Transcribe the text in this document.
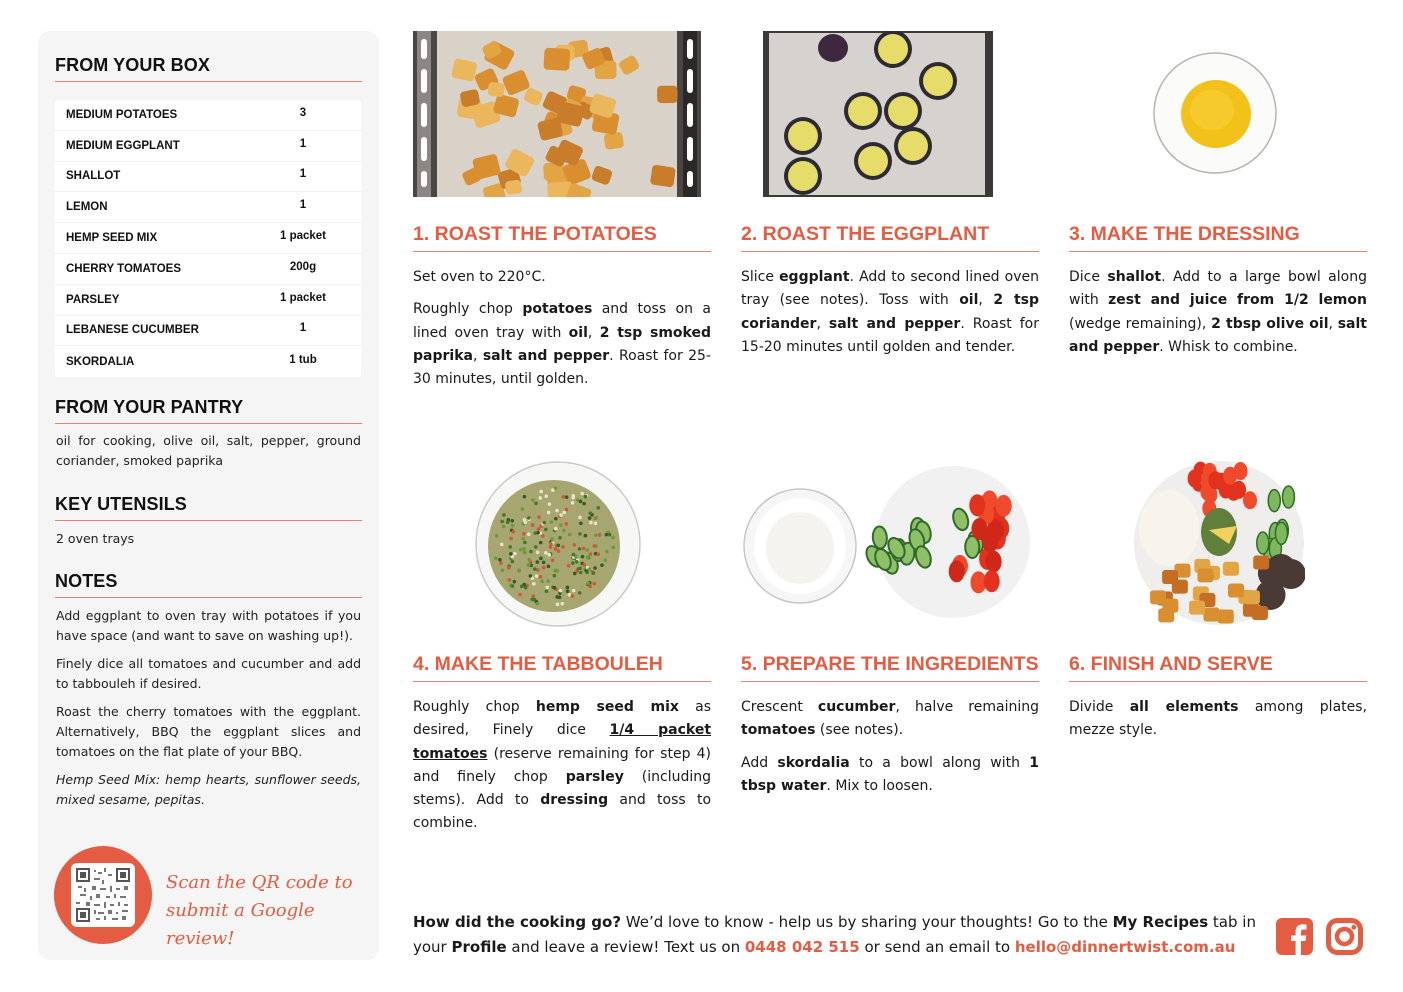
FROM YOUR BOX
MEDIUM POTATOES	3
MEDIUM EGGPLANT	1
SHALLOT	1
LEMON	1
HEMP SEED MIX	1 packet
CHERRY TOMATOES	200g
PARSLEY	1 packet
LEBANESE CUCUMBER	1
SKORDALIA	1 tub
FROM YOUR PANTRY
oil for cooking, olive oil, salt, pepper, ground coriander, smoked paprika
KEY UTENSILS
2 oven trays
NOTES

Add eggplant to oven tray with potatoes if you have space (and want to save on washing up!).

Finely dice all tomatoes and cucumber and add to tabbouleh if desired.

Roast the cherry tomatoes with the eggplant. Alternatively, BBQ the eggplant slices and tomatoes on the flat plate of your BBQ.

Hemp Seed Mix: hemp hearts, sunflower seeds, mixed sesame, pepitas.

Scan the QR code to
submit a Google review!
1. ROAST THE POTATOES

Set oven to 220°C.

Roughly chop potatoes and toss on a lined oven tray with oil, 2 tsp smoked paprika, salt and pepper. Roast for 25-30 minutes, until golden.

2. ROAST THE EGGPLANT

Slice eggplant. Add to second lined oven tray (see notes). Toss with oil, 2 tsp coriander, salt and pepper. Roast for 15-20 minutes until golden and tender.

3. MAKE THE DRESSING

Dice shallot. Add to a large bowl along with zest and juice from 1/2 lemon (wedge remaining), 2 tbsp olive oil, salt and pepper. Whisk to combine.

4. MAKE THE TABBOULEH

Roughly chop hemp seed mix as desired, Finely dice 1/4 packet tomatoes (reserve remaining for step 4) and finely chop parsley (including stems). Add to dressing and toss to combine.

5. PREPARE THE INGREDIENTS

Crescent cucumber, halve remaining tomatoes (see notes).

Add skordalia to a bowl along with 1 tbsp water. Mix to loosen.

6. FINISH AND SERVE

Divide all elements among plates, mezze style.

How did the cooking go? We’d love to know - help us by sharing your thoughts! Go to the My Recipes tab in your Profile and leave a review! Text us on 0448 042 515 or send an email to hello@dinnertwist.com.au
